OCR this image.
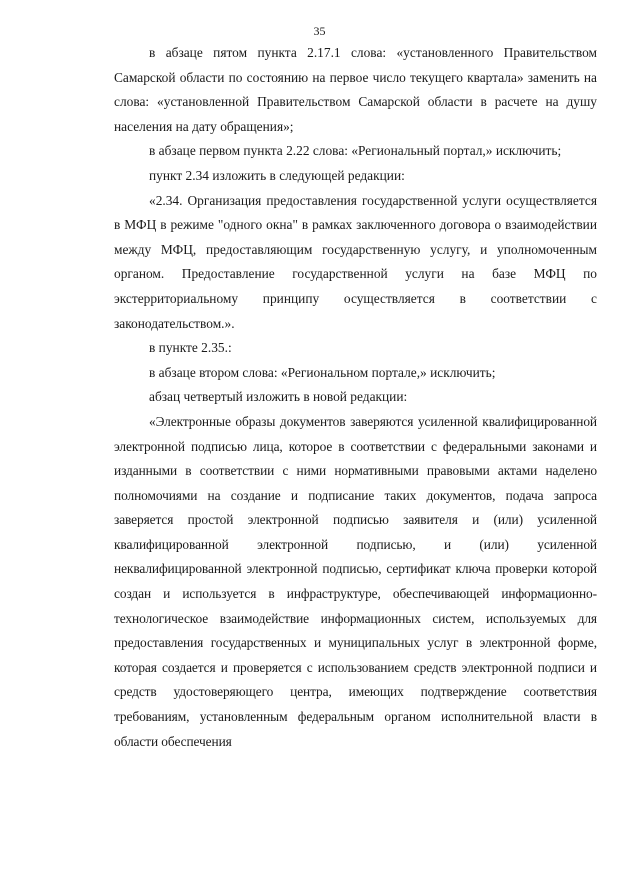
35

в абзаце пятом пункта 2.17.1 слова: «установленного Правительством Самарской области по состоянию на первое число текущего квартала» заменить на слова: «установленной Правительством Самарской области в расчете на душу населения на дату обращения»;

в абзаце первом пункта 2.22 слова: «Региональный портал,» исключить;

пункт 2.34 изложить в следующей редакции:

«2.34. Организация предоставления государственной услуги осуществляется в МФЦ в режиме "одного окна" в рамках заключенного договора о взаимодействии между МФЦ, предоставляющим государственную услугу, и уполномоченным органом. Предоставление государственной услуги на базе МФЦ по экстерриториальному принципу осуществляется в соответствии с законодательством.».

в пункте 2.35.:

в абзаце втором слова: «Региональном портале,» исключить;

абзац четвертый изложить в новой редакции:

«Электронные образы документов заверяются усиленной квалифицированной электронной подписью лица, которое в соответствии с федеральными законами и изданными в соответствии с ними нормативными правовыми актами наделено полномочиями на создание и подписание таких документов, подача запроса заверяется простой электронной подписью заявителя и (или) усиленной квалифицированной электронной подписью, и (или) усиленной неквалифицированной электронной подписью, сертификат ключа проверки которой создан и используется в инфраструктуре, обеспечивающей информационно-технологическое взаимодействие информационных систем, используемых для предоставления государственных и муниципальных услуг в электронной форме, которая создается и проверяется с использованием средств электронной подписи и средств удостоверяющего центра, имеющих подтверждение соответствия требованиям, установленным федеральным органом исполнительной власти в области обеспечения
